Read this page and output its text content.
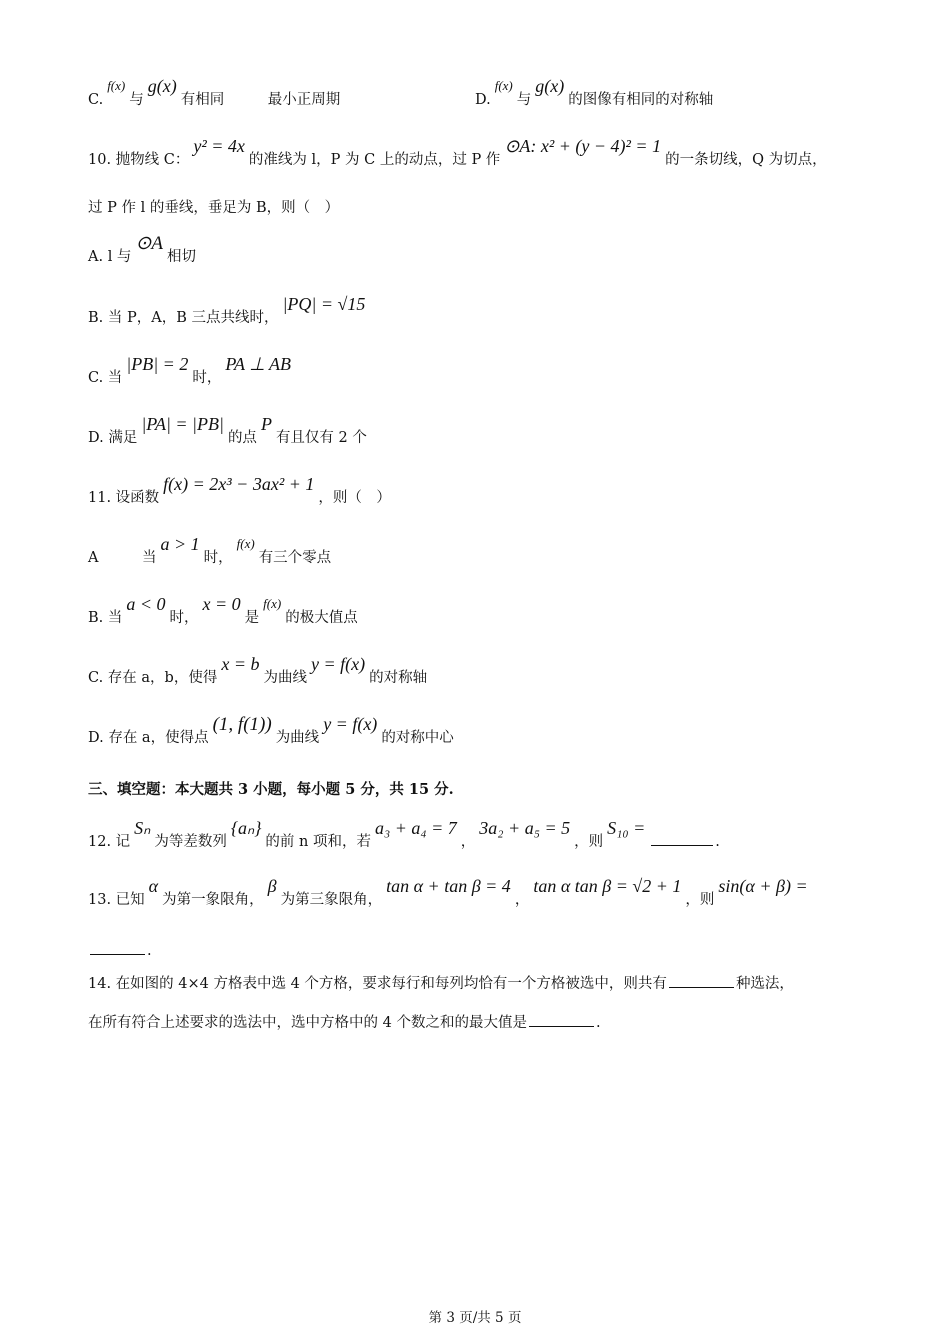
C.f(x)与g(x)有相同　　　最小正周期	D.f(x)与g(x)的图像有相同的对称轴
10. 抛物线 C：y² = 4x的准线为 l，P 为 C 上的动点，过 P 作⊙A: x² + (y − 4)² = 1的一条切线，Q 为切点，
过 P 作 l 的垂线，垂足为 B，则（　）
A. l 与⊙A相切
B. 当 P，A，B 三点共线时，|PQ| = √15
C. 当|PB| = 2时，PA ⊥ AB
D. 满足|PA| = |PB|的点P有且仅有 2 个
11. 设函数f(x) = 2x³ − 3ax² + 1，则（　）
A　　　当a > 1时，f(x)有三个零点
B. 当a < 0时，x = 0是f(x)的极大值点
C. 存在 a，b，使得x = b为曲线y = f(x)的对称轴
D. 存在 a，使得点(1, f(1))为曲线y = f(x)的对称中心
三、填空题：本大题共 3 小题，每小题 5 分，共 15 分.
12. 记Sₙ为等差数列{aₙ}的前 n 项和，若a₃ + a₄ = 7，3a₂ + a₅ = 5，则S₁₀ =.
13. 已知α为第一象限角，β为第三象限角，tan α + tan β = 4，tan α tan β = √2 + 1，则sin(α + β) =
.
14. 在如图的 4×4 方格表中选 4 个方格，要求每行和每列均恰有一个方格被选中，则共有	种选法，
在所有符合上述要求的选法中，选中方格中的 4 个数之和的最大值是	.
第 3 页/共 5 页
